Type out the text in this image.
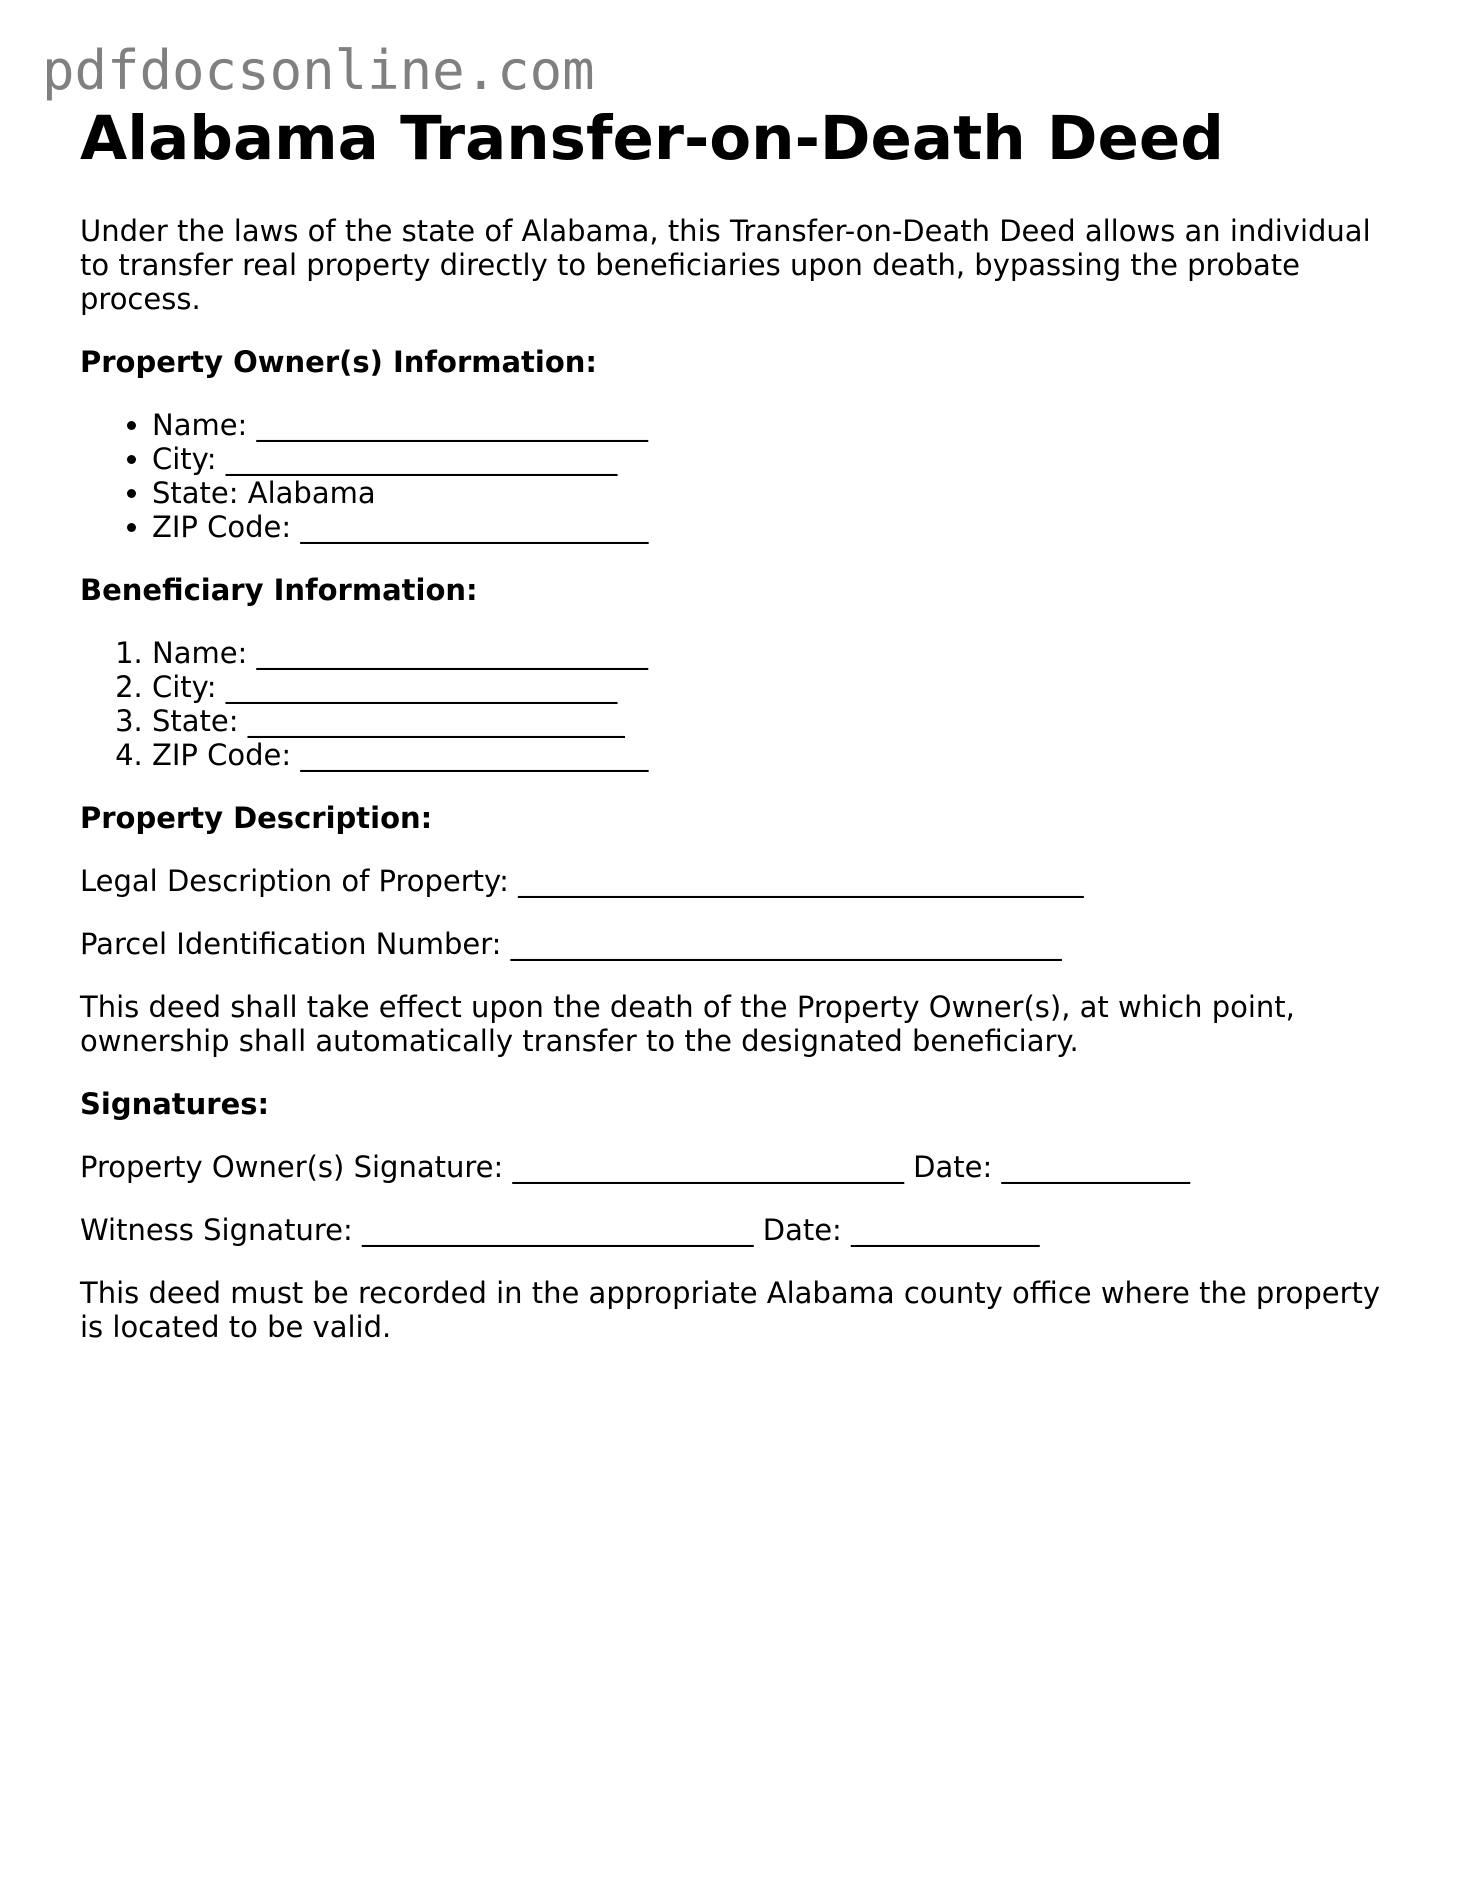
pdfdocsonline.com
Alabama Transfer-on-Death Deed

Under the laws of the state of Alabama, this Transfer-on-Death Deed allows an individual to transfer real property directly to beneficiaries upon death, bypassing the probate process.

Property Owner(s) Information:
• Name: ___________________________
• City: ___________________________
• State: Alabama
• ZIP Code: ________________________
Beneficiary Information:
1. Name: ___________________________
2. City: ___________________________
3. State: __________________________
4. ZIP Code: ________________________
Property Description:

Legal Description of Property: _______________________________________

Parcel Identification Number: ______________________________________

This deed shall take effect upon the death of the Property Owner(s), at which point, ownership shall automatically transfer to the designated beneficiary.

Signatures:

Property Owner(s) Signature: ___________________________ Date: _____________

Witness Signature: ___________________________ Date: _____________

This deed must be recorded in the appropriate Alabama county office where the property is located to be valid.
